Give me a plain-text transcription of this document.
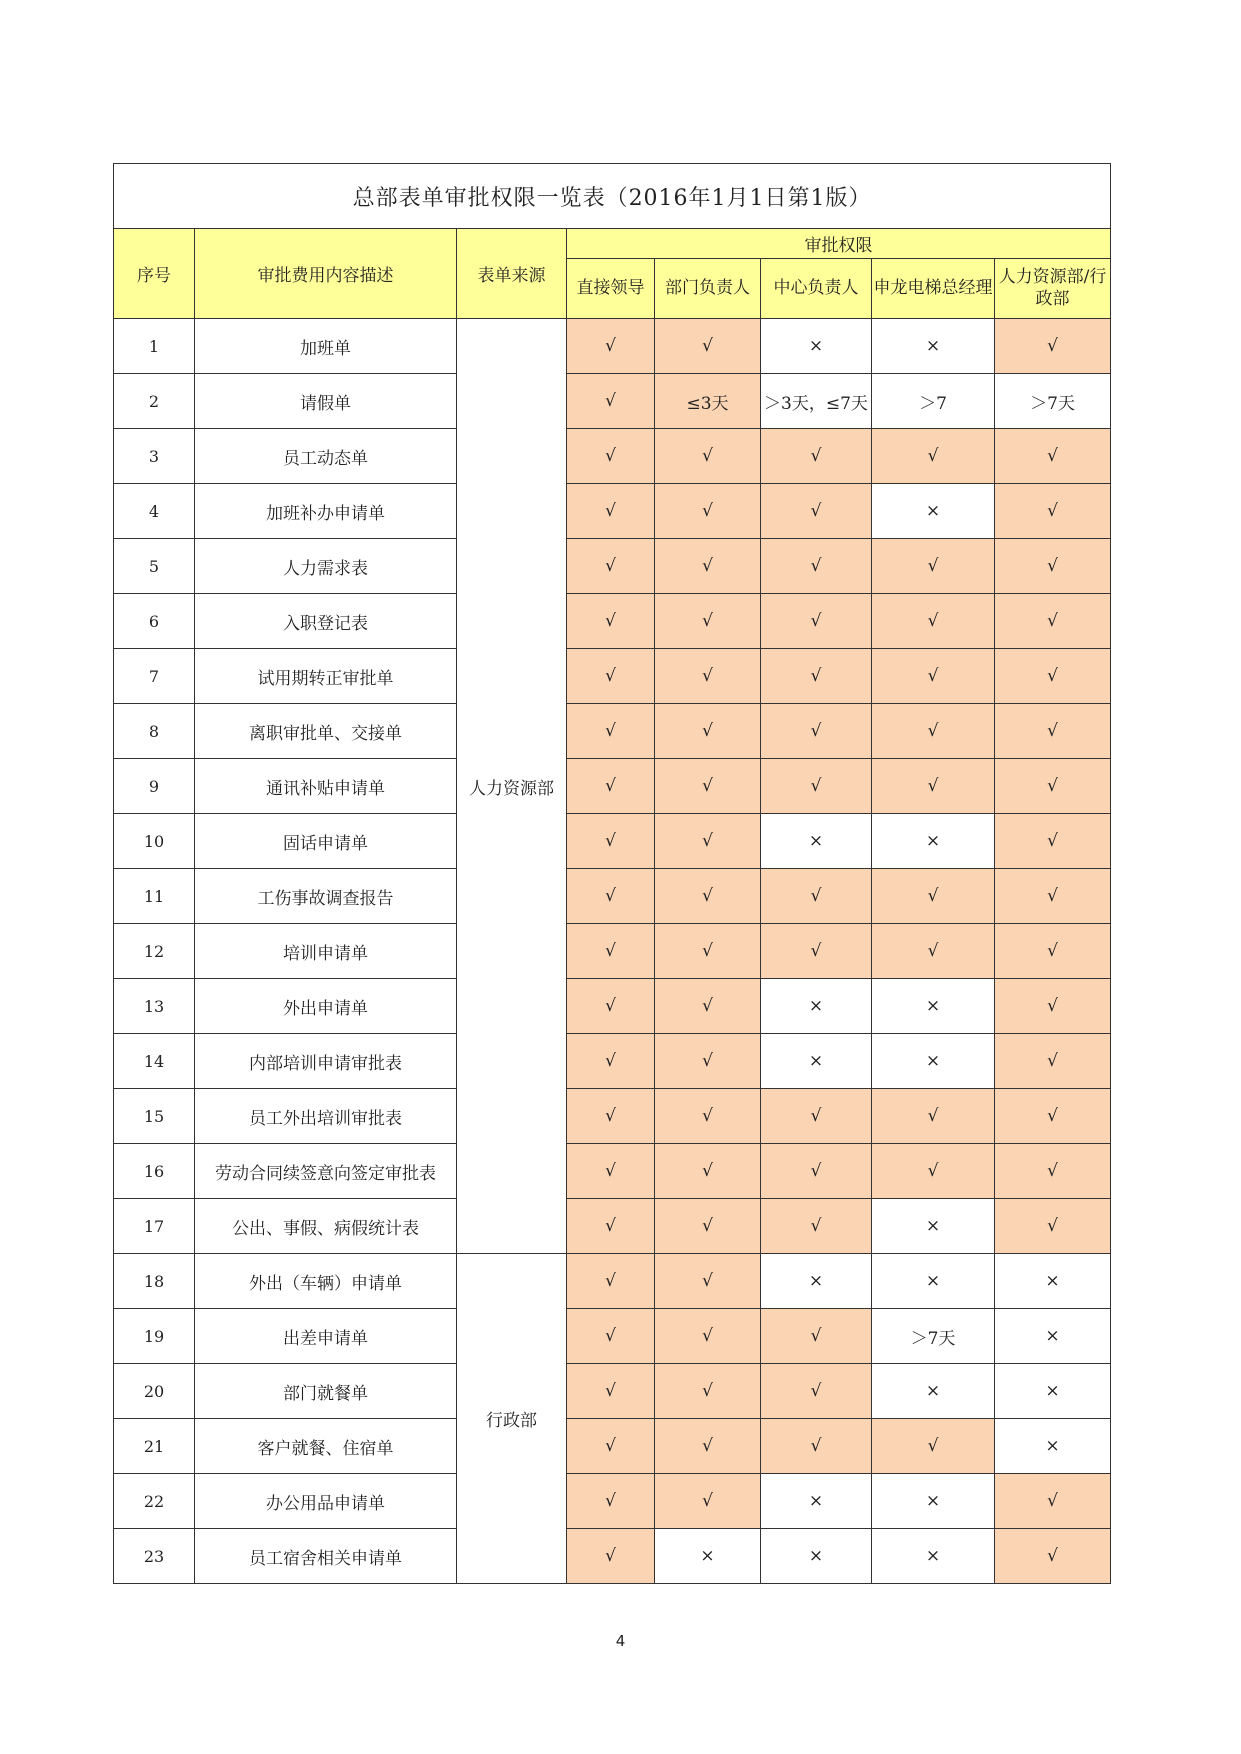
总部表单审批权限一览表（2016年1月1日第1版）							
序号	审批费用内容描述	表单来源	审批权限				
			直接领导	部门负责人	中心负责人	申龙电梯总经理	人力资源部/行政部
1	加班单	人力资源部	√	√	×	×	√
2	请假单		√	≤3天	＞3天，≤7天	＞7	＞7天
3	员工动态单		√	√	√	√	√
4	加班补办申请单		√	√	√	×	√
5	人力需求表		√	√	√	√	√
6	入职登记表		√	√	√	√	√
7	试用期转正审批单		√	√	√	√	√
8	离职审批单、交接单		√	√	√	√	√
9	通讯补贴申请单		√	√	√	√	√
10	固话申请单		√	√	×	×	√
11	工伤事故调查报告		√	√	√	√	√
12	培训申请单		√	√	√	√	√
13	外出申请单		√	√	×	×	√
14	内部培训申请审批表		√	√	×	×	√
15	员工外出培训审批表		√	√	√	√	√
16	劳动合同续签意向签定审批表		√	√	√	√	√
17	公出、事假、病假统计表		√	√	√	×	√
18	外出（车辆）申请单	行政部	√	√	×	×	×
19	出差申请单		√	√	√	＞7天	×
20	部门就餐单		√	√	√	×	×
21	客户就餐、住宿单		√	√	√	√	×
22	办公用品申请单		√	√	×	×	√
23	员工宿舍相关申请单		√	×	×	×	√
4
